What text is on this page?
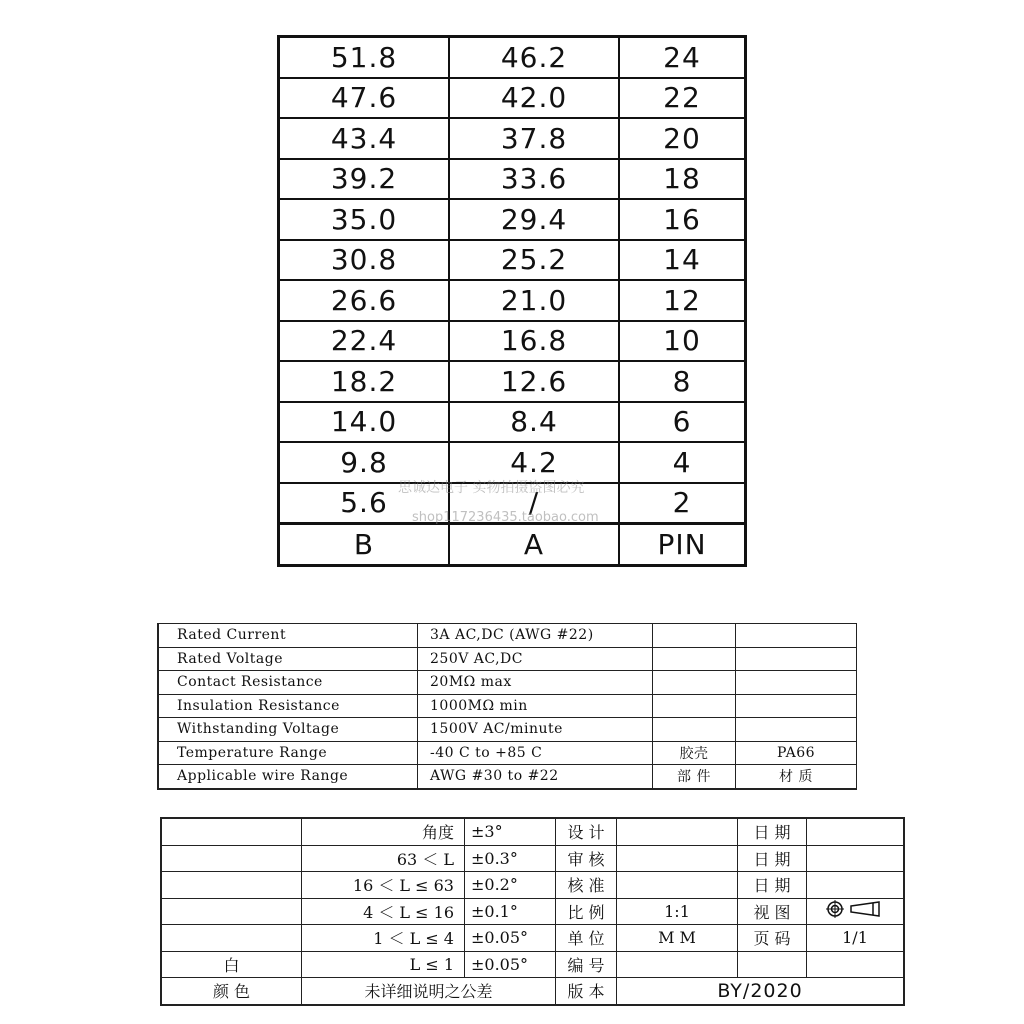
51.8	46.2	24
47.6	42.0	22
43.4	37.8	20
39.2	33.6	18
35.0	29.4	16
30.8	25.2	14
26.6	21.0	12
22.4	16.8	10
18.2	12.6	8
14.0	8.4	6
9.8	4.2	4
5.6	/	2
B	A	PIN
思诚达电子 实物拍摄盗图必究
shop117236435.taobao.com
Rated Current	3A AC,DC (AWG #22)		
Rated Voltage	250V AC,DC		
Contact Resistance	20MΩ max		
Insulation Resistance	1000MΩ min		
Withstanding Voltage	1500V AC/minute		
Temperature Range	-40 C to +85 C	胶壳	PA66
Applicable wire Range	AWG #30 to #22	部 件	材 质
	角度	±3°	设 计		日 期	
	63 ＜ L	±0.3°	审 核		日 期	
	16 ＜ L ≤ 63	±0.2°	核 准		日 期	
	4 ＜ L ≤ 16	±0.1°	比 例	1:1	视 图	
	1 ＜ L ≤ 4	±0.05°	单 位	M M	页 码	1/1
白	L ≤ 1	±0.05°	编 号			
颜 色	未详细说明之公差		版 本	BY/2020		
